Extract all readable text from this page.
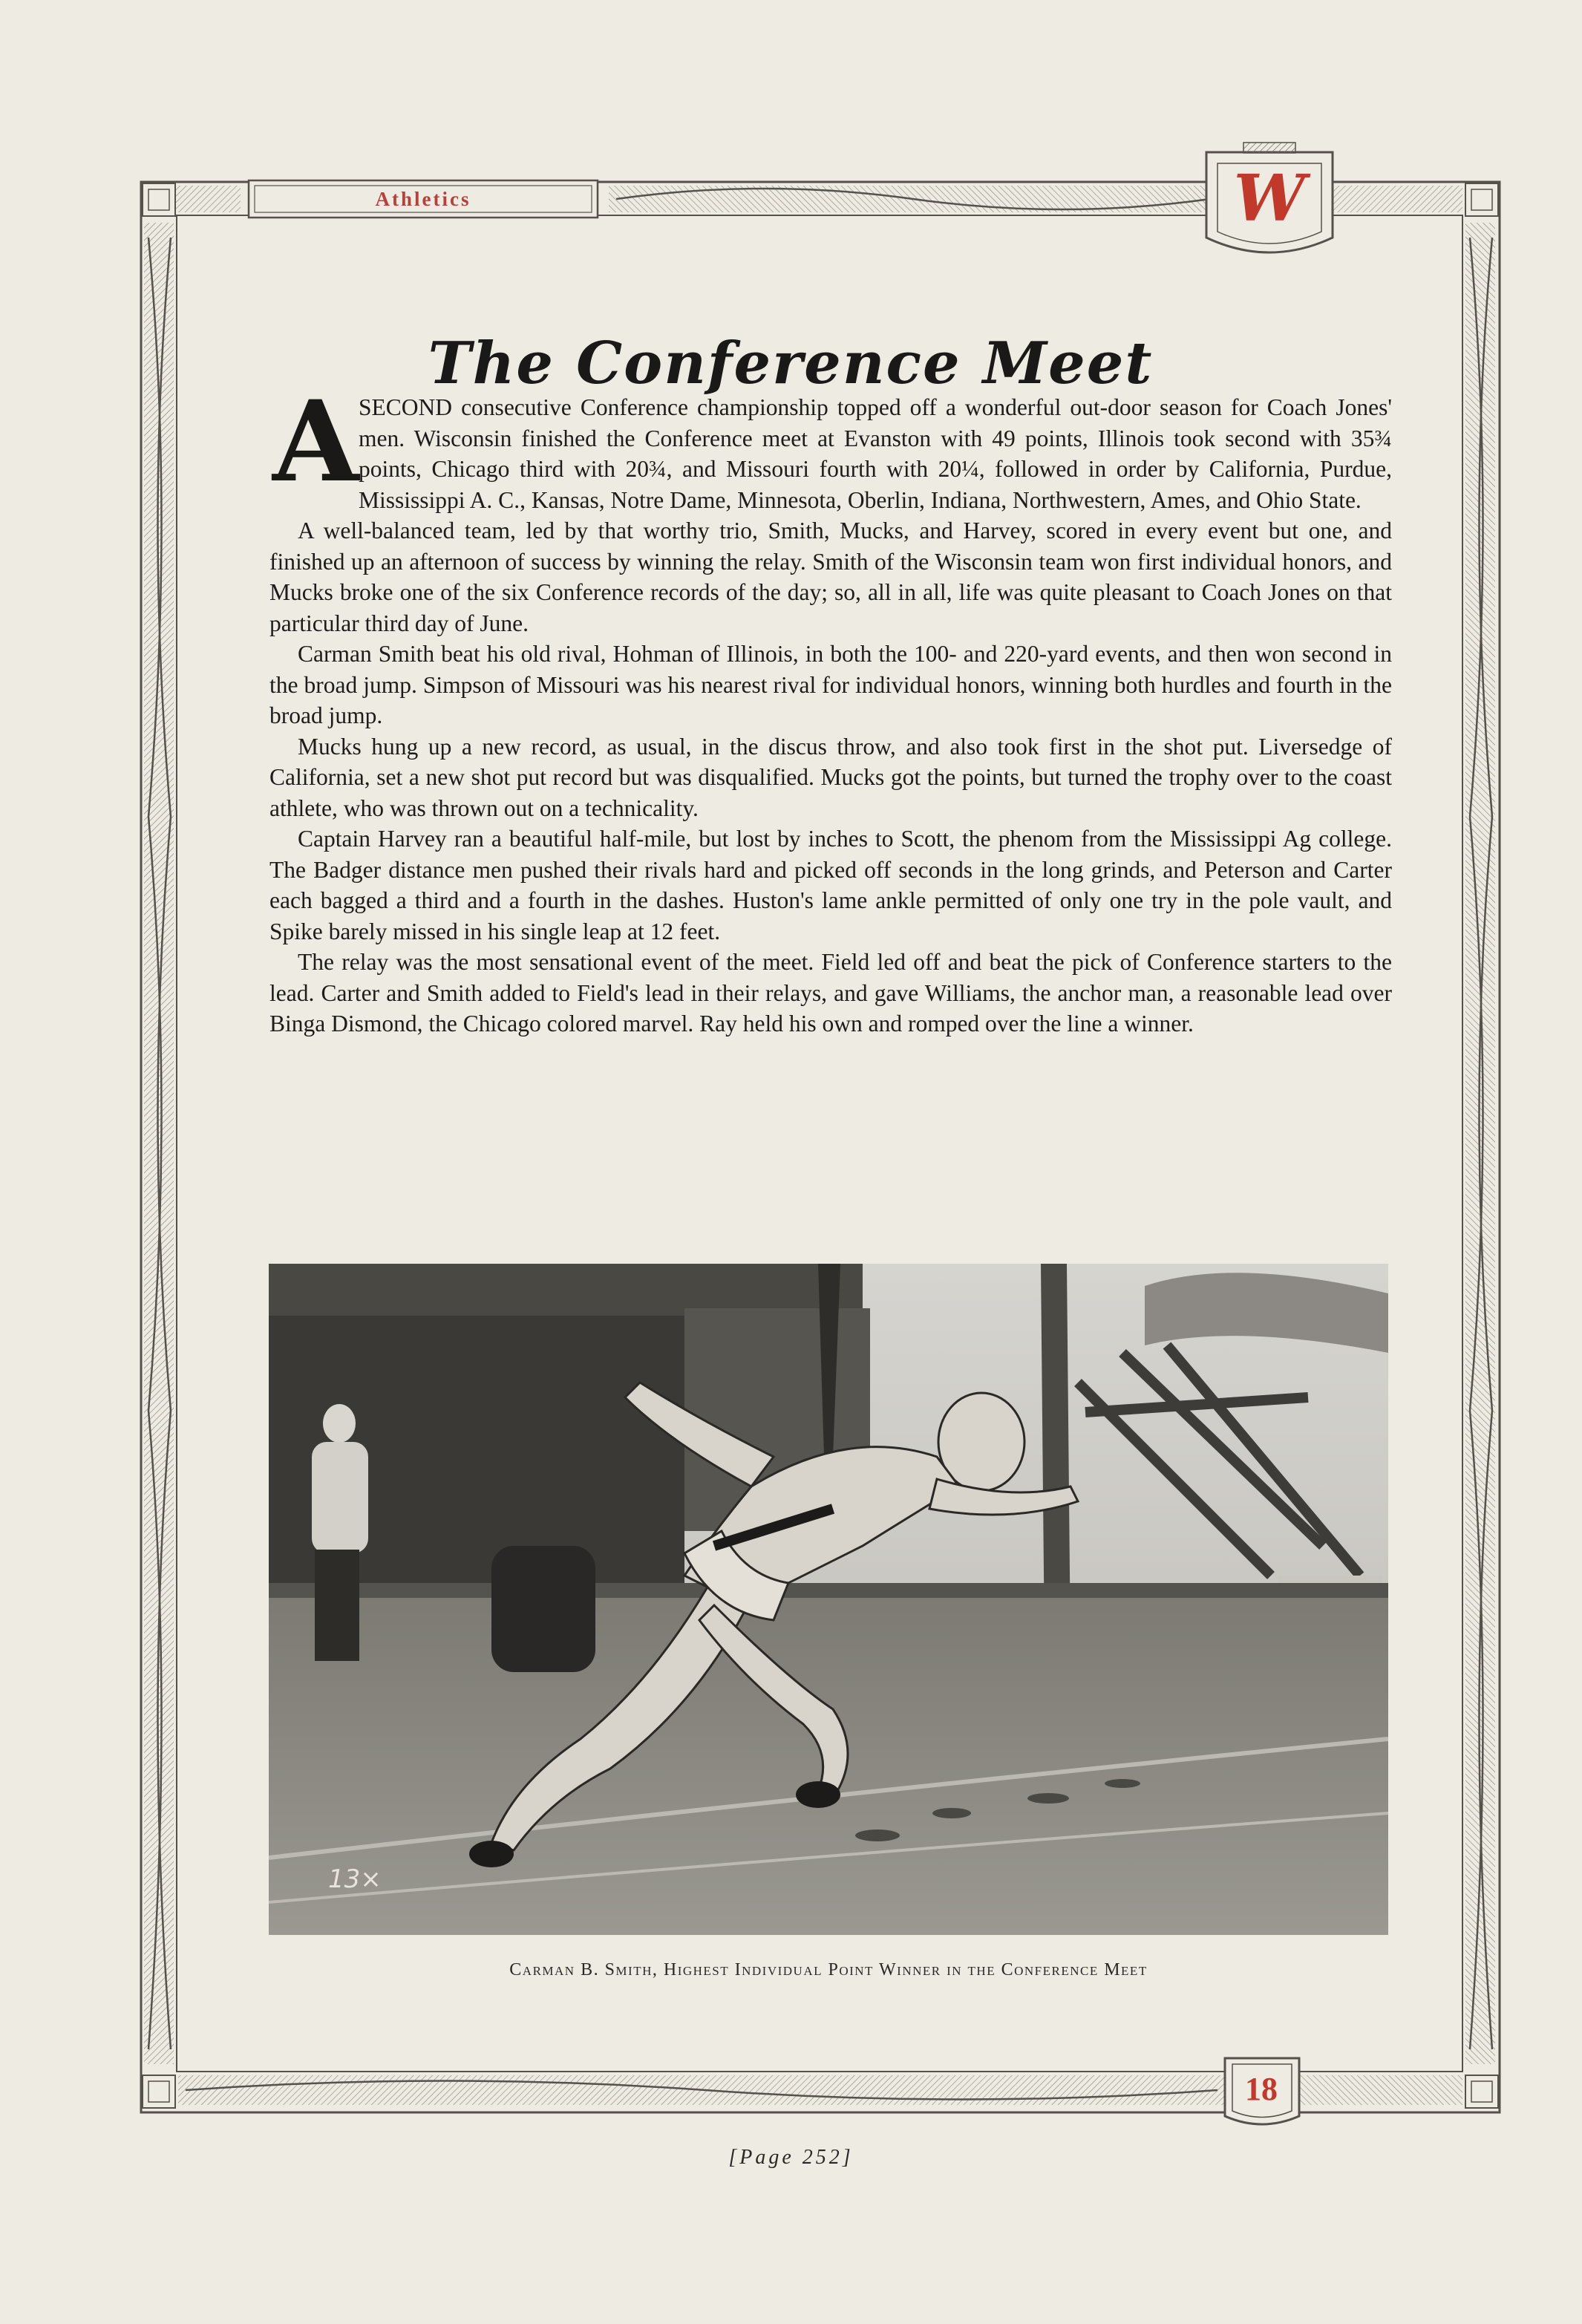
Athletics	W
18
The Conference Meet
A SECOND consecutive Conference championship topped off a wonderful out-door season for Coach Jones' men. Wisconsin finished the Conference meet at Evanston with 49 points, Illinois took second with 35¾ points, Chicago third with 20¾, and Missouri fourth with 20¼, followed in order by California, Purdue, Mississippi A. C., Kansas, Notre Dame, Minnesota, Oberlin, Indiana, Northwestern, Ames, and Ohio State.

A well-balanced team, led by that worthy trio, Smith, Mucks, and Harvey, scored in every event but one, and finished up an afternoon of success by winning the relay. Smith of the Wisconsin team won first individual honors, and Mucks broke one of the six Conference records of the day; so, all in all, life was quite pleasant to Coach Jones on that particular third day of June.

Carman Smith beat his old rival, Hohman of Illinois, in both the 100- and 220-yard events, and then won second in the broad jump. Simpson of Missouri was his nearest rival for individual honors, winning both hurdles and fourth in the broad jump.

Mucks hung up a new record, as usual, in the discus throw, and also took first in the shot put. Liversedge of California, set a new shot put record but was disqualified. Mucks got the points, but turned the trophy over to the coast athlete, who was thrown out on a technicality.

Captain Harvey ran a beautiful half-mile, but lost by inches to Scott, the phenom from the Mississippi Ag college. The Badger distance men pushed their rivals hard and picked off seconds in the long grinds, and Peterson and Carter each bagged a third and a fourth in the dashes. Huston's lame ankle permitted of only one try in the pole vault, and Spike barely missed in his single leap at 12 feet.

The relay was the most sensational event of the meet. Field led off and beat the pick of Conference starters to the lead. Carter and Smith added to Field's lead in their relays, and gave Williams, the anchor man, a reasonable lead over Binga Dismond, the Chicago colored marvel. Ray held his own and romped over the line a winner.

13×
Carman B. Smith, Highest Individual Point Winner in the Conference Meet
[Page 252]
